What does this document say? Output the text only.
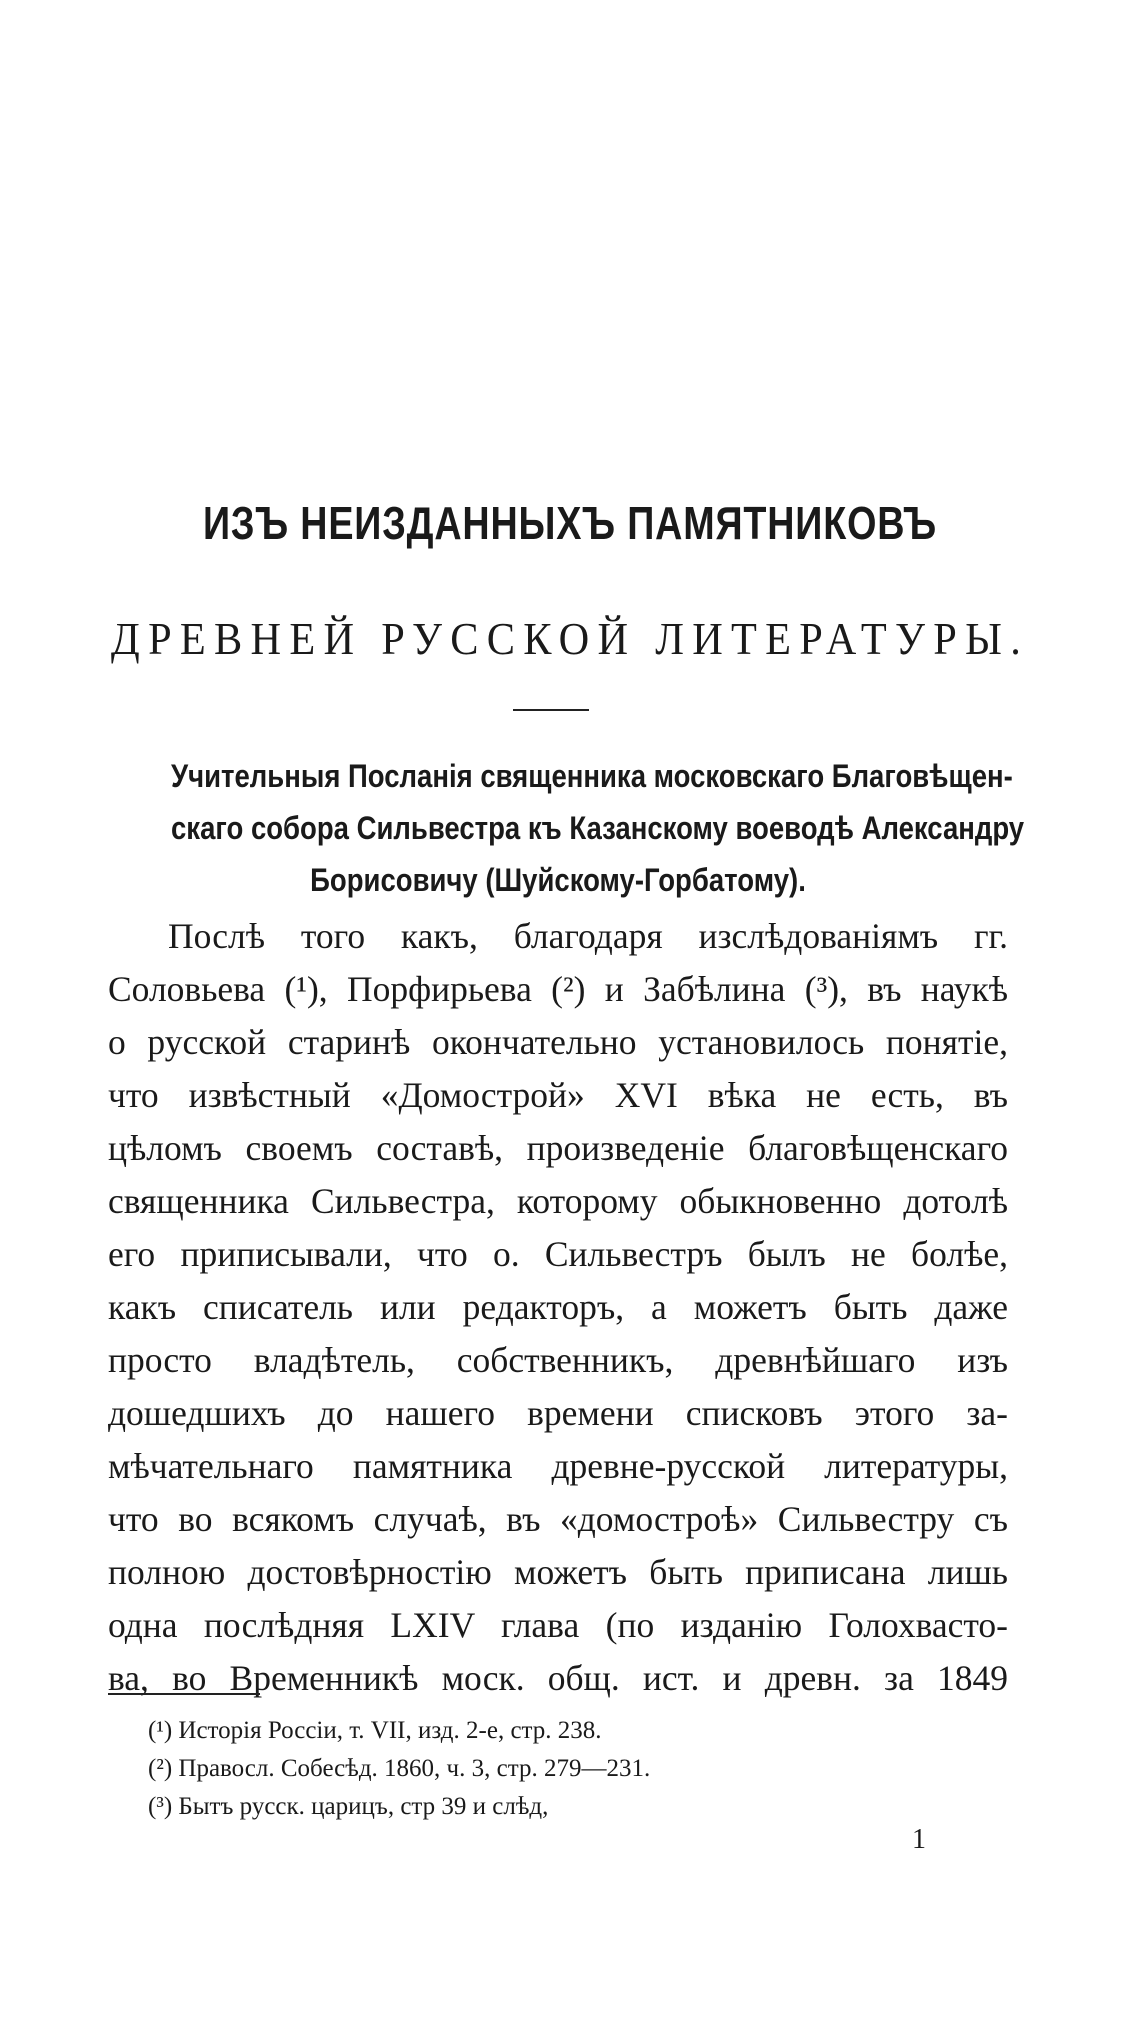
ИЗЪ НЕИЗДАННЫХЪ ПАМЯТНИКОВЪ
ДРЕВНЕЙ РУССКОЙ ЛИТЕРАТУРЫ.
Учительныя Посланія священника московскаго Благовѣщен-
скаго собора Сильвестра къ Казанскому воеводѣ Александру
Борисовичу (Шуйскому-Горбатому).
Послѣ того какъ, благодаря изслѣдованіямъ гг.
Соловьева (¹), Порфирьева (²) и Забѣлина (³), въ наукѣ
о русской старинѣ окончательно установилось понятіе,
что извѣстный «Домострой» XVI вѣка не есть, въ
цѣломъ своемъ составѣ, произведеніе благовѣщенскаго
священника Сильвестра, которому обыкновенно дотолѣ
его приписывали, что о. Сильвестръ былъ не болѣе,
какъ списатель или редакторъ, а можетъ быть даже
просто владѣтель, собственникъ, древнѣйшаго изъ
дошедшихъ до нашего времени списковъ этого за-
мѣчательнаго памятника древне-русской литературы,
что во всякомъ случаѣ, въ «домостроѣ» Сильвестру съ
полною достовѣрностію можетъ быть приписана лишь
одна послѣдняя LXIV глава (по изданію Голохвасто-
ва, во Временникѣ моск. общ. ист. и древн. за 1849
(¹) Исторія Россіи, т. VII, изд. 2-е, стр. 238.
(²) Правосл. Собесѣд. 1860, ч. 3, стр. 279—231.
(³) Бытъ русск. царицъ, стр 39 и слѣд,
1
